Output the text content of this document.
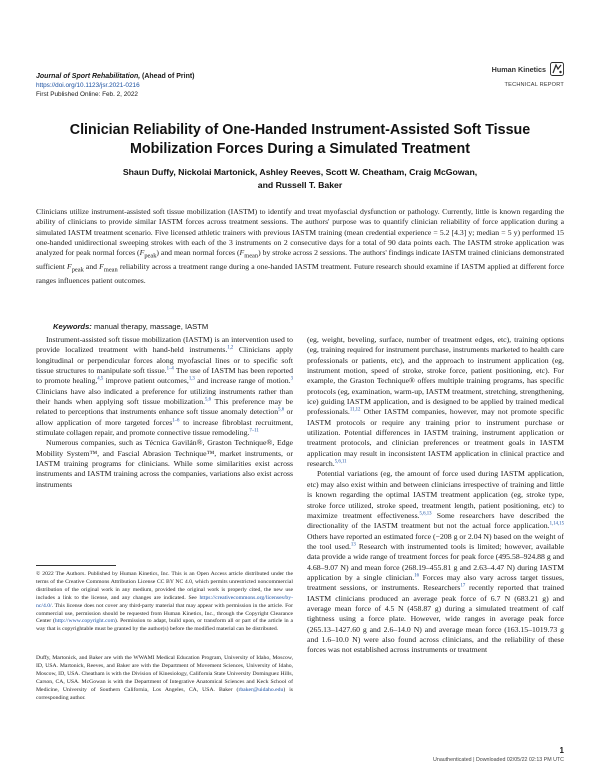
Journal of Sport Rehabilitation, (Ahead of Print)
https://doi.org/10.1123/jsr.2021-0216
First Published Online: Feb. 2, 2022
Human Kinetics
TECHNICAL REPORT
Clinician Reliability of One-Handed Instrument-Assisted Soft Tissue Mobilization Forces During a Simulated Treatment
Shaun Duffy, Nickolai Martonick, Ashley Reeves, Scott W. Cheatham, Craig McGowan,
and Russell T. Baker
Clinicians utilize instrument-assisted soft tissue mobilization (IASTM) to identify and treat myofascial dysfunction or pathology. Currently, little is known regarding the ability of clinicians to provide similar IASTM forces across treatment sessions. The authors' purpose was to quantify clinician reliability of force application during a simulated IASTM treatment scenario. Five licensed athletic trainers with previous IASTM training (mean credential experience = 5.2 [4.3] y; median = 5 y) performed 15 one-handed unidirectional sweeping strokes with each of the 3 instruments on 2 consecutive days for a total of 90 data points each. The IASTM stroke application was analyzed for peak normal forces $(F_{peak})$ and mean normal forces $(F_{mean})$ by stroke across 2 sessions. The authors' findings indicate IASTM trained clinicians demonstrated sufficient $F_{peak}$ and $F_{mean}$ reliability across a treatment range during a one-handed IASTM treatment. Future research should examine if IASTM applied at different force ranges influences patient outcomes.
Keywords: manual therapy, massage, IASTM

Instrument-assisted soft tissue mobilization (IASTM) is an intervention used to provide localized treatment with hand-held instruments.$^{1,2}$ Clinicians apply longitudinal or perpendicular forces along myofascial lines or to specific soft tissue structures to manipulate soft tissue.$^{1-4}$ The use of IASTM has been reported to promote healing,$^{4,5}$ improve patient outcomes,$^{1,3}$ and increase range of motion.$^3$ Clinicians have also indicated a preference for utilizing instruments rather than their hands when applying soft tissue mobilization.$^{5,6}$ This preference may be related to perceptions that instruments enhance soft tissue anomaly detection$^{5,6}$ or allow application of more targeted forces$^{1-6}$ to increase fibroblast recruitment, stimulate collagen repair, and promote connective tissue remodeling.$^{7-11}$

Numerous companies, such as Técnica Gavilán®, Graston Technique®, Edge Mobility System™, and Fascial Abrasion Technique™, market instruments, or IASTM training programs for clinicians. While some similarities exist across instruments and IASTM training across the companies, variations also exist across instruments

© 2022 The Authors. Published by Human Kinetics, Inc. This is an Open Access article distributed under the terms of the Creative Commons Attribution License CC BY NC 4.0, which permits unrestricted noncommercial distribution of the original work in any medium, provided the original work is properly cited, the new use includes a link to the license, and any changes are indicated. See https://creativecommons.org/licenses/by-nc/4.0/. This license does not cover any third-party material that may appear with permission in the article. For commercial use, permission should be requested from Human Kinetics, Inc., through the Copyright Clearance Center (http://www.copyright.com). Permission to adapt, build upon, or transform all or part of the article in a way that is copyrightable must be granted by the author(s) before the modified material can be distributed.
Duffy, Martonick, and Baker are with the WWAMI Medical Education Program, University of Idaho, Moscow, ID, USA. Martonick, Reeves, and Baker are with the Department of Movement Sciences, University of Idaho, Moscow, ID, USA. Cheatham is with the Division of Kinesiology, California State University Dominguez Hills, Carson, CA, USA. McGowan is with the Department of Integrative Anatomical Sciences and Keck School of Medicine, University of Southern California, Los Angeles, CA, USA. Baker (rbaker@uidaho.edu) is corresponding author.

(eg, weight, beveling, surface, number of treatment edges, etc), training options (eg, training required for instrument purchase, instruments marketed to health care professionals or patients, etc), and the approach to instrument application (eg, instrument motion, speed of stroke, stroke force, patient positioning, etc). For example, the Graston Technique® offers multiple training programs, has specific protocols (eg, examination, warm-up, IASTM treatment, stretching, strengthening, ice) guiding IASTM application, and is designed to be applied by trained medical professionals.$^{11,12}$ Other IASTM companies, however, may not promote specific IASTM protocols or require any training prior to instrument purchase or utilization. Potential differences in IASTM training, instrument application or treatment protocols, and clinician preferences or treatment goals in IASTM application may result in inconsistent IASTM application in clinical practice and research.$^{5,6,11}$

Potential variations (eg, the amount of force used during IASTM application, etc) may also exist within and between clinicians irrespective of training and little is known regarding the optimal IASTM treatment application (eg, stroke type, stroke force utilized, stroke speed, treatment length, patient positioning, etc) to maximize treatment effectiveness.$^{5,6,13}$ Some researchers have described the directionality of the IASTM treatment but not the actual force application.$^{1,14,15}$ Others have reported an estimated force (−208 g or 2.04 N) based on the weight of the tool used.$^{13}$ Research with instrumented tools is limited; however, available data provide a wide range of treatment forces for peak force (495.58–924.88 g and 4.68–9.07 N) and mean force (268.19–455.81 g and 2.63–4.47 N) during IASTM application by a single clinician.$^{16}$ Forces may also vary across target tissues, treatment sessions, or instruments. Researchers$^{17}$ recently reported that trained IASTM clinicians produced an average peak force of 6.7 N (683.21 g) and average mean force of 4.5 N (458.87 g) during a simulated treatment of calf tightness using a force plate. However, wide ranges in average peak force (265.13–1427.60 g and 2.6–14.0 N) and average mean force (163.15–1019.73 g and 1.6–10.0 N) were also found across clinicians, and the reliability of these forces was not established across instruments or treatment

1
Unauthenticated | Downloaded 02/05/22 02:13 PM UTC
